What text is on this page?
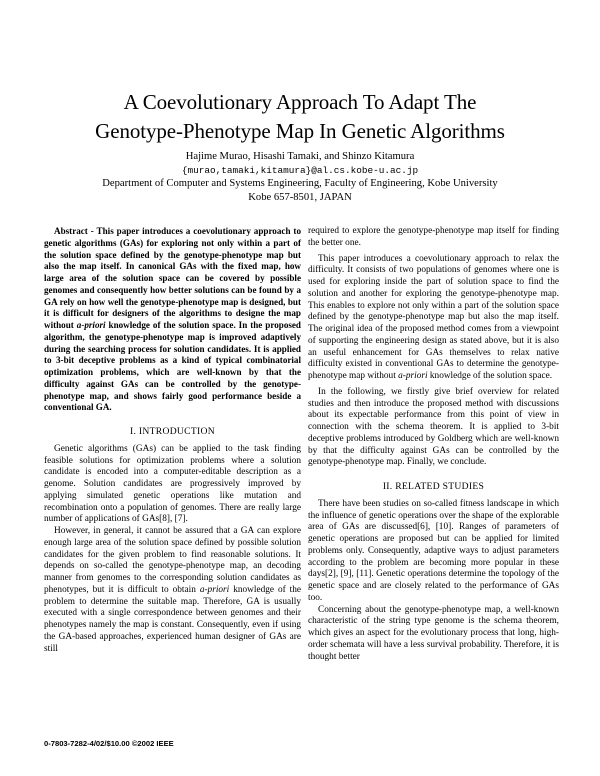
A Coevolutionary Approach To Adapt The
Genotype-Phenotype Map In Genetic Algorithms
Hajime Murao, Hisashi Tamaki, and Shinzo Kitamura
{murao,tamaki,kitamura}@al.cs.kobe-u.ac.jp
Department of Computer and Systems Engineering, Faculty of Engineering, Kobe University
Kobe 657-8501, JAPAN

Abstract - This paper introduces a coevolutionary approach to genetic algorithms (GAs) for exploring not only within a part of the solution space defined by the genotype-phenotype map but also the map itself. In canonical GAs with the fixed map, how large area of the solution space can be covered by possible genomes and consequently how better solutions can be found by a GA rely on how well the genotype-phenotype map is designed, but it is difficult for designers of the algorithms to designe the map without a-priori knowledge of the solution space. In the proposed algorithm, the genotype-phenotype map is improved adaptively during the searching process for solution candidates. It is applied to 3-bit deceptive problems as a kind of typical combinatorial optimization problems, which are well-known by that the difficulty against GAs can be controlled by the genotype-phenotype map, and shows fairly good performance beside a conventional GA.

I. INTRODUCTION

Genetic algorithms (GAs) can be applied to the task finding feasible solutions for optimization problems where a solution candidate is encoded into a computer-editable description as a genome. Solution candidates are progressively improved by applying simulated genetic operations like mutation and recombination onto a population of genomes. There are really large number of applications of GAs[8], [7].

However, in general, it cannot be assured that a GA can explore enough large area of the solution space defined by possible solution candidates for the given problem to find reasonable solutions. It depends on so-called the genotype-phenotype map, an decoding manner from genomes to the corresponding solution candidates as phenotypes, but it is difficult to obtain a-priori knowledge of the problem to determine the suitable map. Therefore, GA is usually executed with a single correspondence between genomes and their phenotypes namely the map is constant. Consequently, even if using the GA-based approaches, experienced human designer of GAs are still

required to explore the genotype-phenotype map itself for finding the better one.

This paper introduces a coevolutionary approach to relax the difficulty. It consists of two populations of genomes where one is used for exploring inside the part of solution space to find the solution and another for exploring the genotype-phenotype map. This enables to explore not only within a part of the solution space defined by the genotype-phenotype map but also the map itself. The original idea of the proposed method comes from a viewpoint of supporting the engineering design as stated above, but it is also an useful enhancement for GAs themselves to relax native difficulty existed in conventional GAs to determine the genotype-phenotype map without a-priori knowledge of the solution space.

In the following, we firstly give brief overview for related studies and then introduce the proposed method with discussions about its expectable performance from this point of view in connection with the schema theorem. It is applied to 3-bit deceptive problems introduced by Goldberg which are well-known by that the difficulty against GAs can be controlled by the genotype-phenotype map. Finally, we conclude.

II. RELATED STUDIES

There have been studies on so-called fitness landscape in which the influence of genetic operations over the shape of the explorable area of GAs are discussed[6], [10]. Ranges of parameters of genetic operations are proposed but can be applied for limited problems only. Consequently, adaptive ways to adjust parameters according to the problem are becoming more popular in these days[2], [9], [11]. Genetic operations determine the topology of the genetic space and are closely related to the performance of GAs too.

Concerning about the genotype-phenotype map, a well-known characteristic of the string type genome is the schema theorem, which gives an aspect for the evolutionary process that long, high-order schemata will have a less survival probability. Therefore, it is thought better

0-7803-7282-4/02/$10.00 ©2002 IEEE
